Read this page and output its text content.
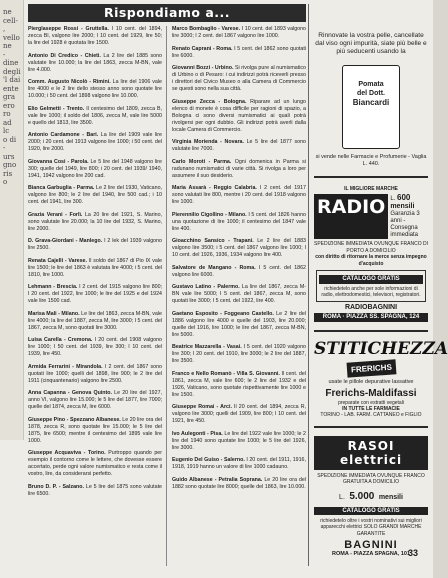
ne
cell-
,
vello
ne
-
dine
degli
'l dai
ente
gra
ero
ro
ad
lc
o di
-
urs
gno
ris
o
Rispondiamo a...
Pierglaseppe Rossi - Gruttella. I 10 cent. del 1894, zecca Bl, valgono lire 2000; I 10 cent. del 1929, lire 50; la lire del 1928 è quotata lire 1500.
Antonio Di Credico - Chieti. La 2 lire del 1885 sono valutate lire 10.000; la lire del 1863, zecca M-BN, vale lire 4.000.
Comm. Augusto Nicolò - Rimini. La lire del 1906 vale lire 4000 e le 2 lire dello stesso anno sono quotate lire 10.000; i 50 cent. del 1898 valgono lire 10.000.
Elio Gelmetti - Trento. Il centesimo del 1809, zecca B, vale lire 1000; il soldo del 1806, zecca M, vale lire 5000 e quello del 1813, lire 3500.
Antonio Cardamone - Bari. La lire del 1909 vale lire 2000; i 20 cent. del 1913 valgono lire 1000; i 50 cent. del 1920, lire 2000.
Giovanna Cosi - Parola. Le 5 lire del 1948 valgono lire 300; quelle del 1949, lire 800; i 20 cent. del 1939/ 1940, 1941, 1942 valgono lire 200 cad.
Bianca Garbuglia - Parma. Le 2 lire del 1930, Vaticano, valgono lire 800; le 2 lire del 1940, lire 500 cad.; i 10 cent. del 1941, lire 300.
Grazia Verani - Forlì. La 20 lire del 1921, S. Marino, sono valutate lire 20.000; la 10 lire del 1932, S. Marino, lire 2000.
D. Grava-Giordani - Manlego. I 2 lek del 1939 valgono lire 2500.
Renata Cajelli - Varese. Il soldo del 1867 di Pio IX vale lire 1500; le lire del 1863 è valutata lire 4000; i 5 cent. del 1810, lire 1000.
Lehmann - Brescia. I 2 cent. del 1915 valgono lire 800; I 20 cent. del 1922, lire 1000; le lire del 1925 e del 1924 vale lire 1500 cad.
Marisa Mali - Milano. Le lire del 1863, zecca M-BN, vale lire 4000; la lire del 1887, zecca M, lire 3000; I 5 cent. del 1867, zecca M, sono quotati lire 3000.
Luisa Carella - Cremona. I 20 cent. del 1908 valgono lire 1000; I 50 cent. del 1939, lire 300; I 10 cent. del 1939, lire 450.
Armida Ferrarini - Mirandola. I 2 cent. del 1867 sono quotati lire 1000; quelli del 1898, lire 900; le 2 lire del 1911 (cinquantenario) valgono lire 2500.
Anna Capanna - Genova Quinto. Le 20 lire del 1927, anno VI, valgono lire 15.000; le 5 lire del 1877, lire 7000; quelle del 1874, zecca M, lire 6000.
Giuseppe Pino - Spezzano Albanese. Le 20 lire ora del 1878, zecca R, sono quotate lire 15.000; le 5 lire del 1875, lire 6500; mentre il centesimo del 1895 vale lire 1000.
Giuseppe Acquaviva - Torino. Purtroppo quando per esempio il contorno come le lettere, che dovesse essere accertato, perde ogni valore numismatico e resta come il vostro, lire, da considerarsi perfetto.
Bruno D. P. - Salzano. Le 5 lire del 1875 sono valutate lire 6500.
Marco Bombaglio - Varese. I 10 cent. del 1893 valgono lire 3000; I 2 cent. del 1867 valgono lire 1000.
Renato Capranì - Roma. I 5 cent. del 1862 sono quotati lire 6000.
Giovanni Bozzi - Urbino. Si rivolga pure al numismatico di Urbino o di Pesaro: i cui indirizzi potrà riceverli presso i direttori del Civico Museo o alla Camera di Commercio se questi sono nella sua città.
Giuseppe Zecca - Bologna. Riparare ad un lungo elenco di monete è cosa difficile per ragioni di spazio, a Bologna ci sono diversi numismatici ai quali potrà rivolgersi per ogni dubbio. Gli indirizzi potrà averli dalla locale Camera di Commercio.
Virginia Morienda - Novara. Le 5 lire del 1877 sono valutate lire 7000.
Carlo Moroti - Parma. Ogni domenica in Parma si radunano numismatici di varie città. Si rivolga a loro per assumere il suo desiderio.
Maria Assarà - Reggio Calabria. I 2 cent. del 1917 sono valutati lire 800, mentre i 20 cent. del 1918 valgono lire 1000.
Pierennilio Cigollino - Milano. I 5 cent. del 1826 hanno una quotazione di lire 1000; il centesimo del 1847 vale lire 400.
Gioacchino Sansico - Trapani. Le 2 lire del 1883 valgono lire 3500; i 5 cent. del 1867 valgono lire 1000; I 10 cent. del 1926, 1936, 1934 valgono lire 400.
Salvatore de Mangano - Roma. I 5 cent. del 1862 valgono lire 6000.
Gustavo Latino - Palermo. La lire del 1867, zecca M-BN vale lire 5000; I 5 cent. del 1867, zecca M, sono quotati lire 3000; I 5 cent. del 1922, lire 400.
Gaetano Esposito - Foggeano Castello. Le 2 lire del 1886 valgono lire 4000 e quelle del 1903, lire 20.000; quelle del 1916, lire 1000; le lire del 1867, zecca M-BN, lire 5000.
Beatrice Mazzarella - Vasai. I 5 cent. del 1920 valgono lire 300; I 20 cent. del 1910, lire 3000; le 2 lire del 1887, lire 3500.
Franco e Nello Romanò - Villa S. Giovanni. Il cent. del 1861, zecca M, vale lire 600; le 2 lire del 1932 e del 1926, Vaticano, sono quotate rispettivamente lire 1000 e lire 1500.
Giuseppe Romaì - Arci. Il 20 cent. del 1894, zecca R, valgono lire 3000; quelli del 1909, lire 800; I 10 cent. del 1921, lire 450.
Ivo Aulegonti - Pisa. Le lire del 1922 vale lire 1000; le 2 lire del 1940 sono quotate lire 1000; le 5 lire del 1926, lire 3000.
Eugenio Del Guiso - Salerno. I 20 cent. del 1911, 1916, 1918, 1919 hanno un valore di lire 1000 cadauno.
Guido Albanese - Petralia Soprana. Le 20 lire ora del 1882 sono quotate lire 8000; quelle del 1863, lire 10.000.
Rinnovate la vostra pelle, cancellate dal viso ogni impurità, siate più belle e più seducenti usando la
Pomata
del Dott.
Biancardi
si vende nelle Farmacie e Profumerie - Vaglia L. 440.
IL MIGLIORE MARCHE
RADIO L. 600
mensili
Garanzia 3 anni - Consegna immediata
SPEDIZIONE IMMEDIATA OVUNQUE FRANCO DI PORTO A DOMICILIO
con diritto di ritornare la merce senza impegno d'acquisto
CATALOGO GRATIS
richiedetelo anche per sole informazioni di radio, elettrodomestici, televisori, registratori.
RADIOBAGNINI
ROMA · PIAZZA SS. SPAGNA, 124
STITICHEZZA
FRERICHS
usate le pillole depurative lassative
Frerichs-Maldifassi
preparate con estratti vegetali
IN TUTTE LE FARMACIE
TORINO - LAB. FARM. CATTANEO e FIGLIO
RASOI
elettrici
SPEDIZIONE IMMEDIATA OVUNQUE FRANCO GRATUITA A DOMICILIO
L. 5.000 mensili
CATALOGO GRATIS
richiedetelo oltre i vostri nominativi sui migliori apparecchi elettrici SOLO GRANDI MARCHE GARANTITE
BAGNINI
ROMA - PIAZZA SPAGNA, 101
33
